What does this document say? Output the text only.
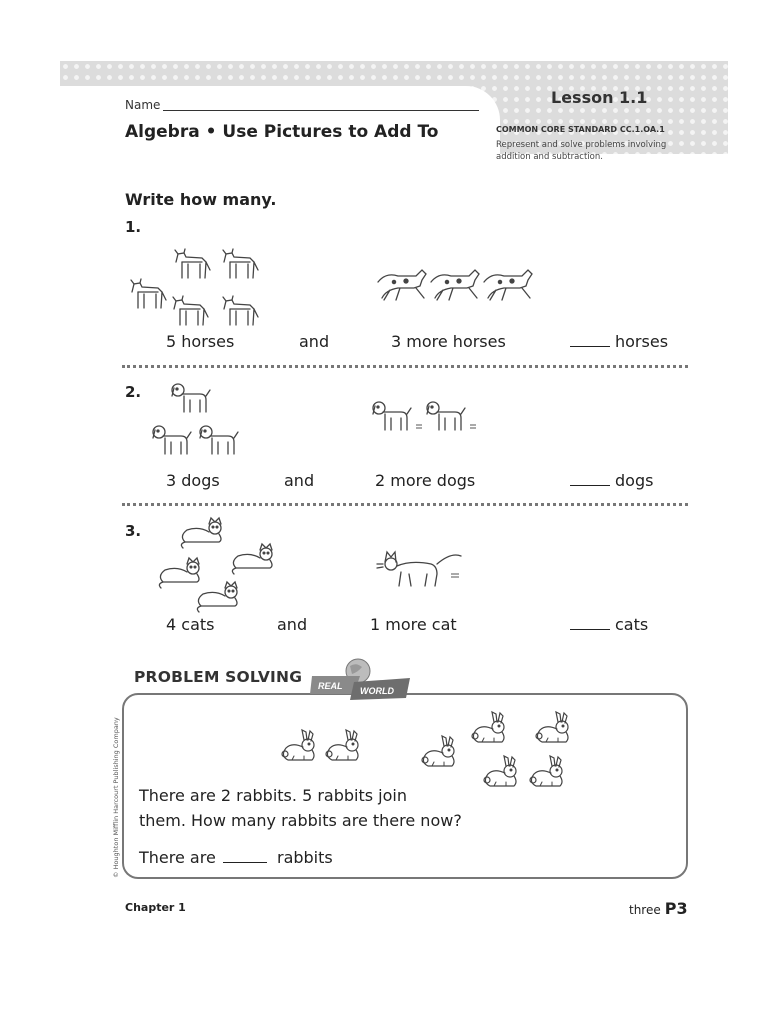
Name	Lesson 1.1
Algebra • Use Pictures to Add To	COMMON CORE STANDARD CC.1.OA.1
Represent and solve problems involving addition and subtraction.
Write how many.
1.
5 horses	and	3 more horses	horses
2.
3 dogs	and	2 more dogs	dogs
3.
4 cats	and	1 more cat	cats
PROBLEM SOLVING REAL WORLD
There are 2 rabbits. 5 rabbits join
them. How many rabbits are there now?
There are	rabbits
© Houghton Mifflin Harcourt Publishing Company
Chapter 1	three P3
